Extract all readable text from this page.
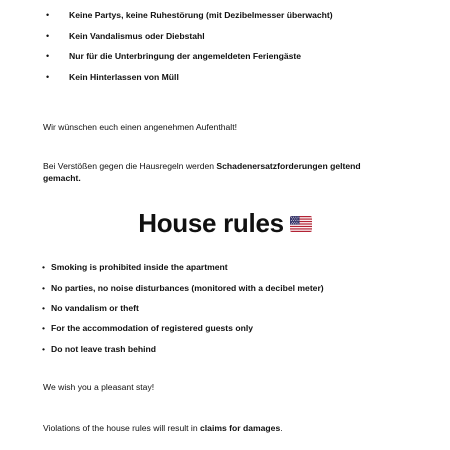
• Keine Partys, keine Ruhestörung (mit Dezibelmesser überwacht)
• Kein Vandalismus oder Diebstahl
• Nur für die Unterbringung der angemeldeten Feriengäste
• Kein Hinterlassen von Müll
Wir wünschen euch einen angenehmen Aufenthalt!
Bei Verstößen gegen die Hausregeln werden Schadenersatzforderungen geltend
gemacht.
House rules
• Smoking is prohibited inside the apartment
• No parties, no noise disturbances (monitored with a decibel meter)
• No vandalism or theft
• For the accommodation of registered guests only
• Do not leave trash behind
We wish you a pleasant stay!
Violations of the house rules will result in claims for damages.
